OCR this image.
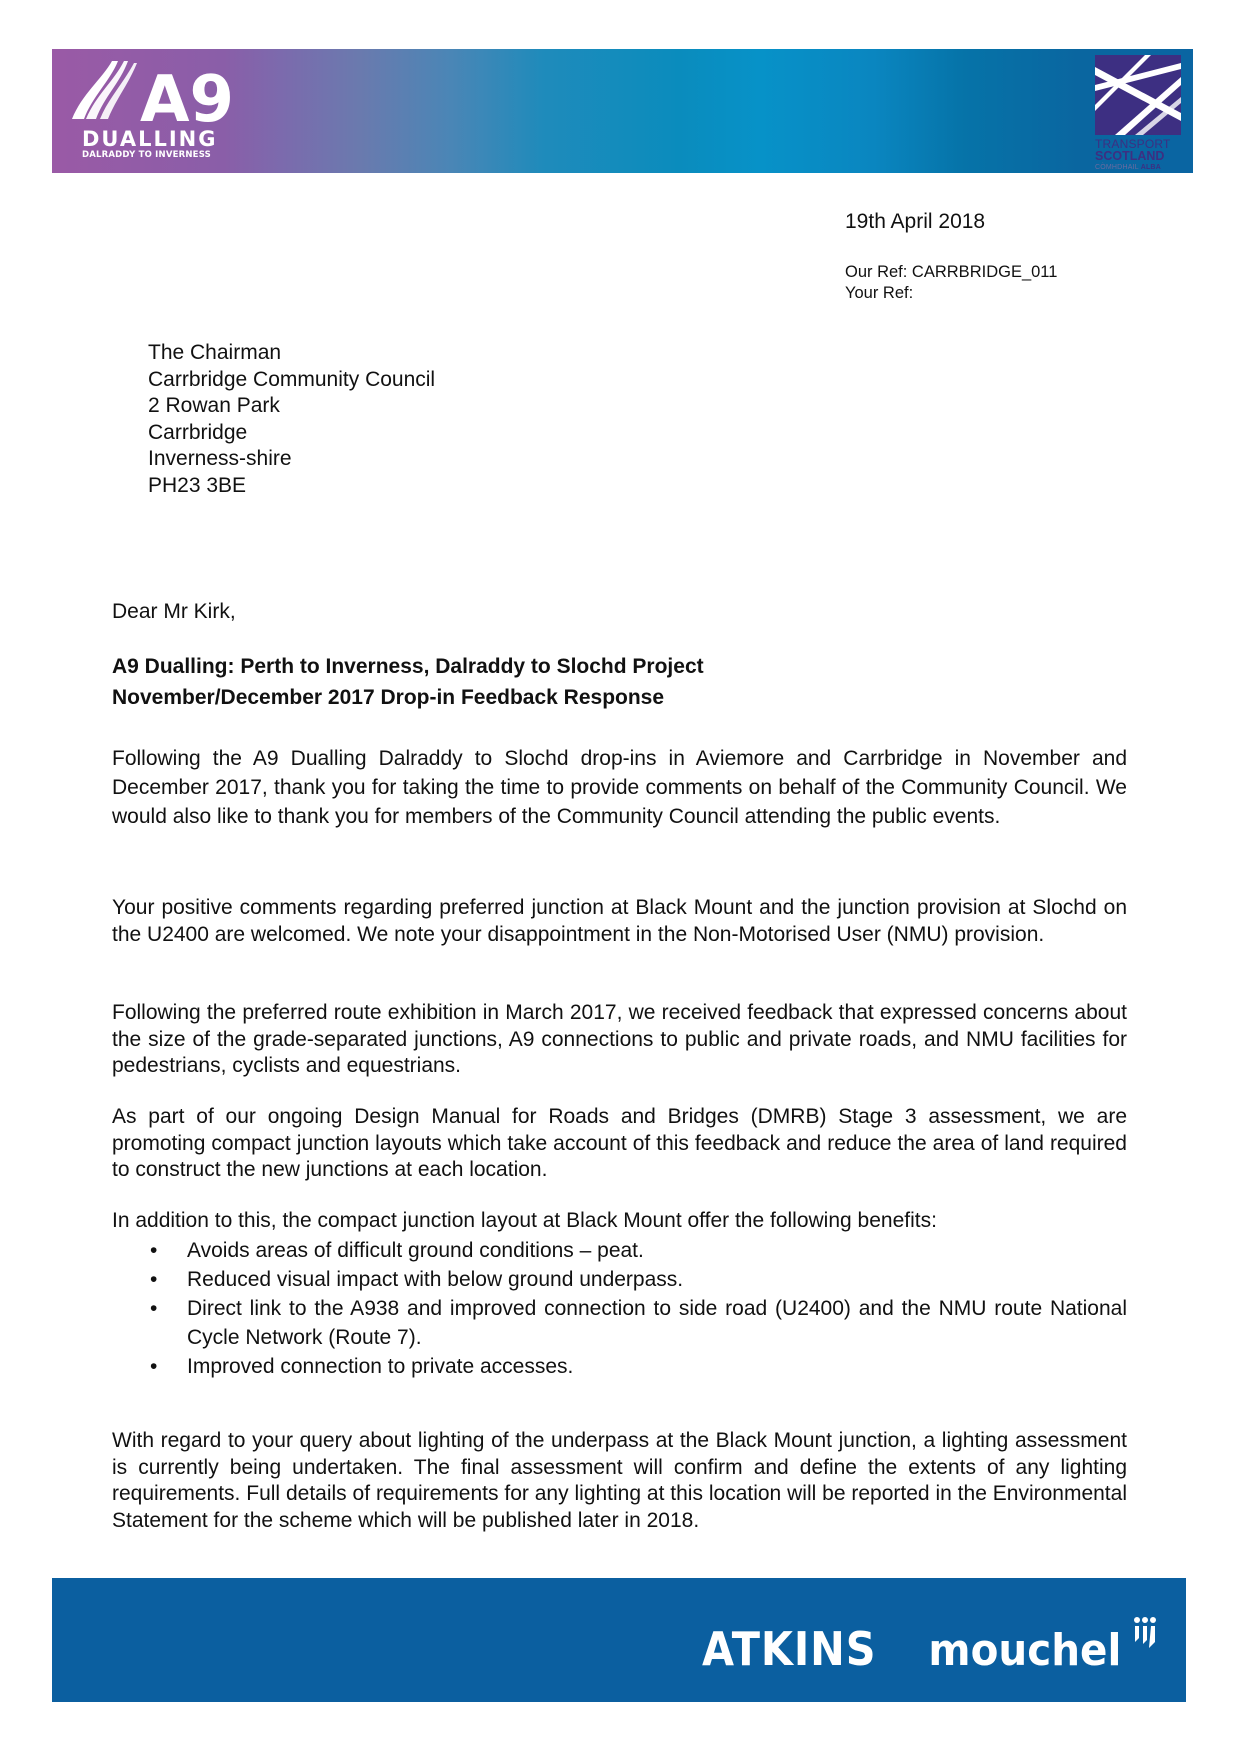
A9
DUALLING
DALRADDY TO INVERNESS
TRANSPORT
SCOTLAND
CÒMHDHAIL ALBA
19th April 2018
Our Ref: CARRBRIDGE_011
Your Ref:
The Chairman
Carrbridge Community Council
2 Rowan Park
Carrbridge
Inverness-shire
PH23 3BE
Dear Mr Kirk,
A9 Dualling: Perth to Inverness, Dalraddy to Slochd Project
November/December 2017 Drop-in Feedback Response
Following the A9 Dualling Dalraddy to Slochd drop-ins in Aviemore and Carrbridge in November and December 2017, thank you for taking the time to provide comments on behalf of the Community Council. We would also like to thank you for members of the Community Council attending the public events.
Your positive comments regarding preferred junction at Black Mount and the junction provision at Slochd on the U2400 are welcomed. We note your disappointment in the Non-Motorised User (NMU) provision.
Following the preferred route exhibition in March 2017, we received feedback that expressed concerns about the size of the grade-separated junctions, A9 connections to public and private roads, and NMU facilities for pedestrians, cyclists and equestrians.
As part of our ongoing Design Manual for Roads and Bridges (DMRB) Stage 3 assessment, we are promoting compact junction layouts which take account of this feedback and reduce the area of land required to construct the new junctions at each location.
In addition to this, the compact junction layout at Black Mount offer the following benefits:
• Avoids areas of difficult ground conditions – peat.
• Reduced visual impact with below ground underpass.
• Direct link to the A938 and improved connection to side road (U2400) and the NMU route National Cycle Network (Route 7).
• Improved connection to private accesses.
With regard to your query about lighting of the underpass at the Black Mount junction, a lighting assessment is currently being undertaken. The final assessment will confirm and define the extents of any lighting requirements. Full details of requirements for any lighting at this location will be reported in the Environmental Statement for the scheme which will be published later in 2018.
ATKINS mouchel
